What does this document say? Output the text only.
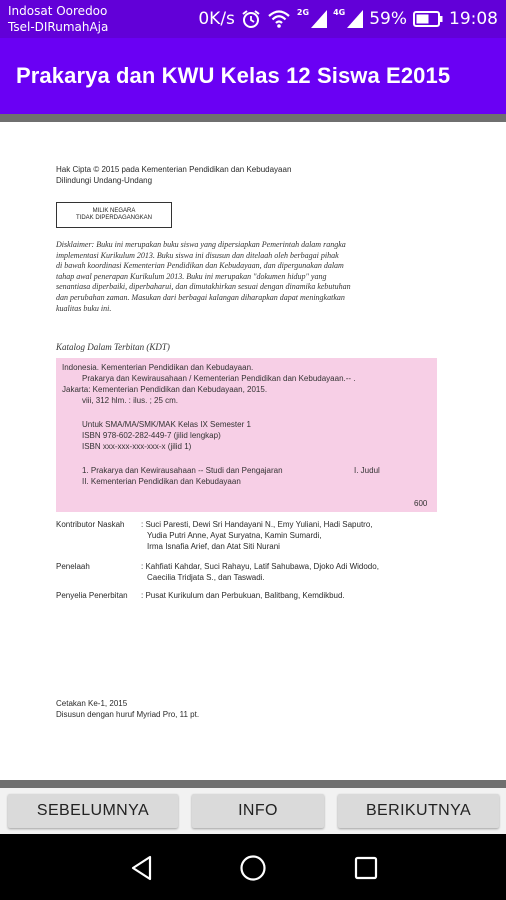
Indosat Ooredoo
Tsel-DIRumahAja	0K/s	2G	4G 59% 19:08
Prakarya dan KWU Kelas 12 Siswa E2015
Hak Cipta © 2015 pada Kementerian Pendidikan dan Kebudayaan
Dilindungi Undang-Undang
MILIK NEGARA
TIDAK DIPERDAGANGKAN
Disklaimer: Buku ini merupakan buku siswa yang dipersiapkan Pemerintah dalam rangka
implementasi Kurikulum 2013. Buku siswa ini disusun dan ditelaah oleh berbagai pihak
di bawah koordinasi Kementerian Pendidikan dan Kebudayaan, dan dipergunakan dalam
tahap awal penerapan Kurikulum 2013. Buku ini merupakan "dokumen hidup" yang
senantiasa diperbaiki, diperbaharui, dan dimutakhirkan sesuai dengan dinamika kebutuhan
dan perubahan zaman. Masukan dari berbagai kalangan diharapkan dapat meningkatkan
kualitas buku ini.
Katalog Dalam Terbitan (KDT)
Indonesia. Kementerian Pendidikan dan Kebudayaan.
Prakarya dan Kewirausahaan / Kementerian Pendidikan dan Kebudayaan.-- .
Jakarta: Kementerian Pendidikan dan Kebudayaan, 2015.
viii, 312 hlm. : ilus. ; 25 cm.
Untuk SMA/MA/SMK/MAK Kelas IX Semester 1
ISBN 978-602-282-449-7 (jilid lengkap)
ISBN xxx-xxx-xxx-xxx-x (jilid 1)
1. Prakarya dan Kewirausahaan -- Studi dan Pengajaran	I. Judul
II. Kementerian Pendidikan dan Kebudayaan
600
Kontributor Naskah : Suci Paresti, Dewi Sri Handayani N., Emy Yuliani, Hadi Saputro,
Yudia Putri Anne, Ayat Suryatna, Kamin Sumardi,
Irma Isnafia Arief, dan Atat Siti Nurani
Penelaah	: Kahfiati Kahdar, Suci Rahayu, Latif Sahubawa, Djoko Adi Widodo,
Caecilia Tridjata S., dan Taswadi.
Penyelia Penerbitan : Pusat Kurikulum dan Perbukuan, Balitbang, Kemdikbud.
Cetakan Ke-1, 2015
Disusun dengan huruf Myriad Pro, 11 pt.
SEBELUMNYA	INFO	BERIKUTNYA
